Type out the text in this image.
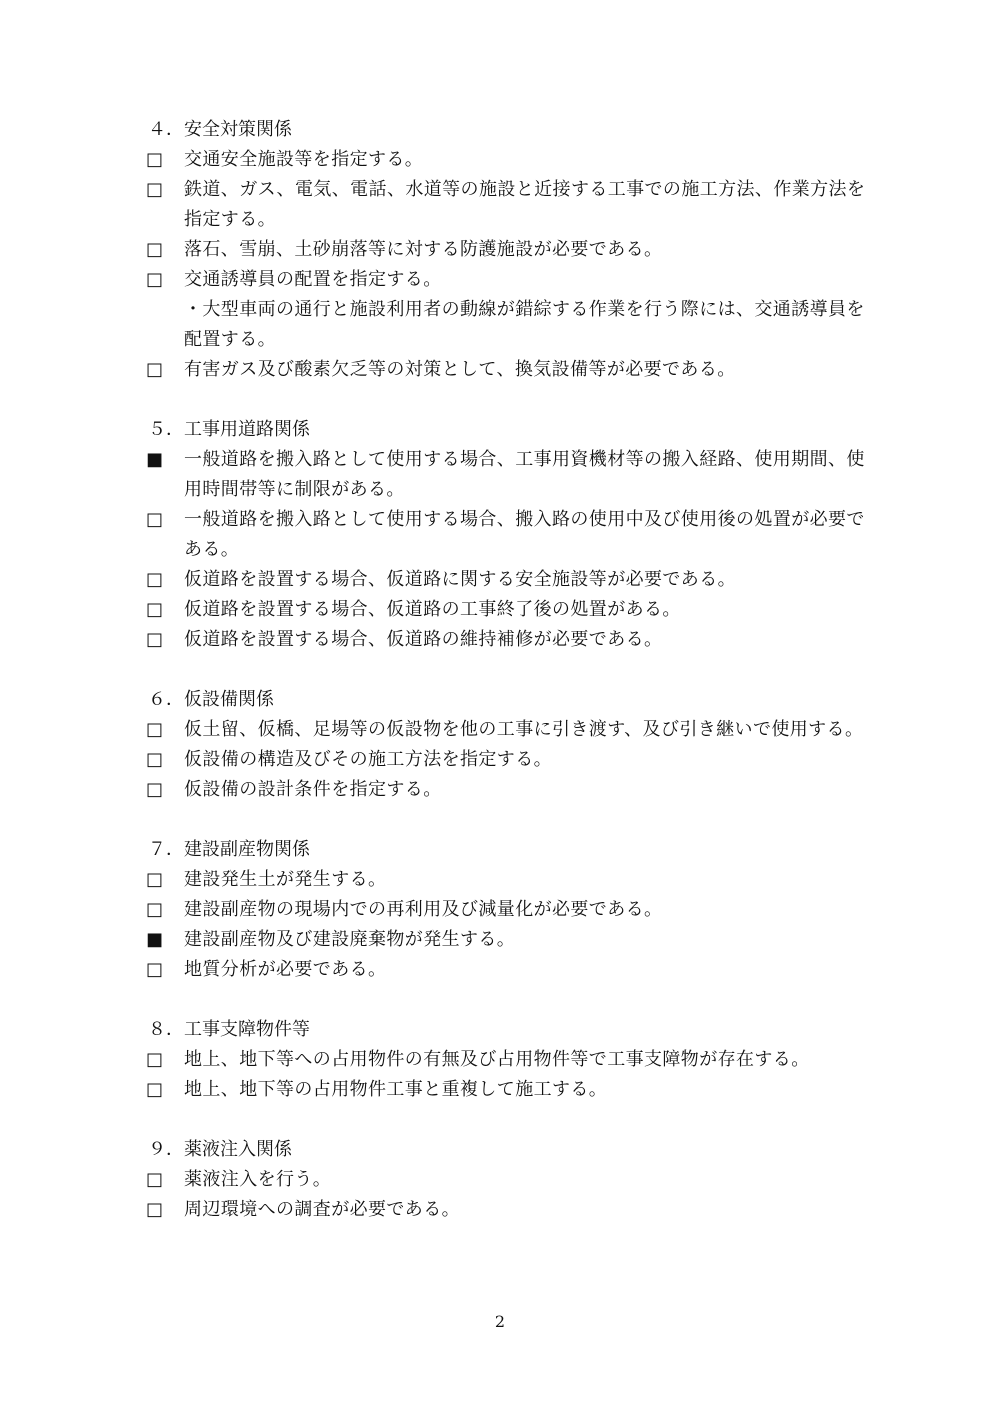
４．安全対策関係
□	交通安全施設等を指定する。
□	鉄道、ガス、電気、電話、水道等の施設と近接する工事での施工方法、作業方法を指定する。
□	落石、雪崩、土砂崩落等に対する防護施設が必要である。
□	交通誘導員の配置を指定する。
・大型車両の通行と施設利用者の動線が錯綜する作業を行う際には、交通誘導員を配置する。
□	有害ガス及び酸素欠乏等の対策として、換気設備等が必要である。
５．工事用道路関係
■	一般道路を搬入路として使用する場合、工事用資機材等の搬入経路、使用期間、使用時間帯等に制限がある。
□	一般道路を搬入路として使用する場合、搬入路の使用中及び使用後の処置が必要である。
□	仮道路を設置する場合、仮道路に関する安全施設等が必要である。
□	仮道路を設置する場合、仮道路の工事終了後の処置がある。
□	仮道路を設置する場合、仮道路の維持補修が必要である。
６．仮設備関係
□	仮土留、仮橋、足場等の仮設物を他の工事に引き渡す、及び引き継いで使用する。
□	仮設備の構造及びその施工方法を指定する。
□	仮設備の設計条件を指定する。
７．建設副産物関係
□	建設発生土が発生する。
□	建設副産物の現場内での再利用及び減量化が必要である。
■	建設副産物及び建設廃棄物が発生する。
□	地質分析が必要である。
８．工事支障物件等
□	地上、地下等への占用物件の有無及び占用物件等で工事支障物が存在する。
□	地上、地下等の占用物件工事と重複して施工する。
９．薬液注入関係
□	薬液注入を行う。
□	周辺環境への調査が必要である。
2
